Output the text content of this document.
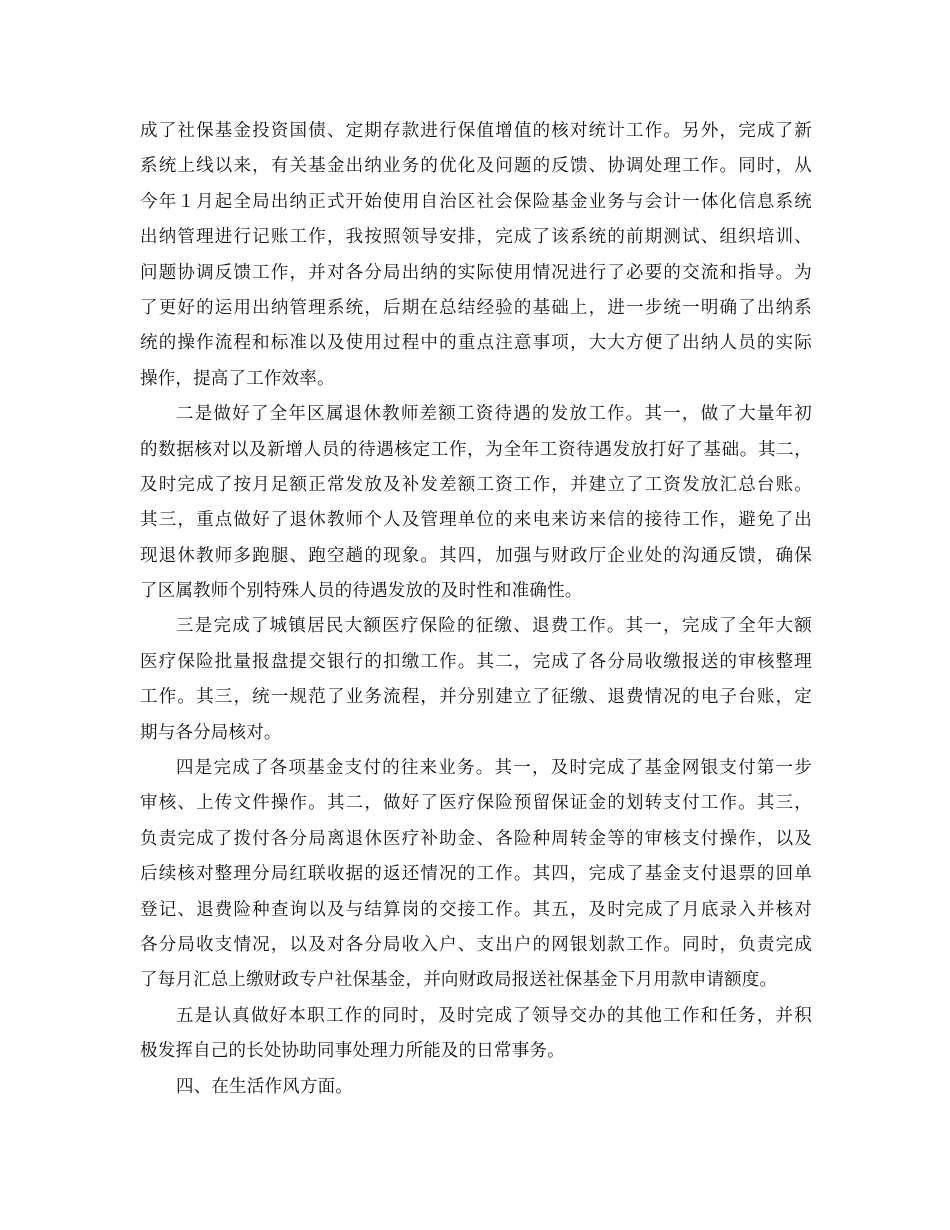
成了社保基金投资国债、定期存款进行保值增值的核对统计工作。另外，完成了新
系统上线以来，有关基金出纳业务的优化及问题的反馈、协调处理工作。同时，从
今年１月起全局出纳正式开始使用自治区社会保险基金业务与会计一体化信息系统
出纳管理进行记账工作，我按照领导安排，完成了该系统的前期测试、组织培训、
问题协调反馈工作，并对各分局出纳的实际使用情况进行了必要的交流和指导。为
了更好的运用出纳管理系统，后期在总结经验的基础上，进一步统一明确了出纳系
统的操作流程和标准以及使用过程中的重点注意事项，大大方便了出纳人员的实际
操作，提高了工作效率。
二是做好了全年区属退休教师差额工资待遇的发放工作。其一，做了大量年初
的数据核对以及新增人员的待遇核定工作，为全年工资待遇发放打好了基础。其二，
及时完成了按月足额正常发放及补发差额工资工作，并建立了工资发放汇总台账。
其三，重点做好了退休教师个人及管理单位的来电来访来信的接待工作，避免了出
现退休教师多跑腿、跑空趟的现象。其四，加强与财政厅企业处的沟通反馈，确保
了区属教师个别特殊人员的待遇发放的及时性和准确性。
三是完成了城镇居民大额医疗保险的征缴、退费工作。其一，完成了全年大额
医疗保险批量报盘提交银行的扣缴工作。其二，完成了各分局收缴报送的审核整理
工作。其三，统一规范了业务流程，并分别建立了征缴、退费情况的电子台账，定
期与各分局核对。
四是完成了各项基金支付的往来业务。其一，及时完成了基金网银支付第一步
审核、上传文件操作。其二，做好了医疗保险预留保证金的划转支付工作。其三，
负责完成了拨付各分局离退休医疗补助金、各险种周转金等的审核支付操作，以及
后续核对整理分局红联收据的返还情况的工作。其四，完成了基金支付退票的回单
登记、退费险种查询以及与结算岗的交接工作。其五，及时完成了月底录入并核对
各分局收支情况，以及对各分局收入户、支出户的网银划款工作。同时，负责完成
了每月汇总上缴财政专户社保基金，并向财政局报送社保基金下月用款申请额度。
五是认真做好本职工作的同时，及时完成了领导交办的其他工作和任务，并积
极发挥自己的长处协助同事处理力所能及的日常事务。
四、在生活作风方面。
